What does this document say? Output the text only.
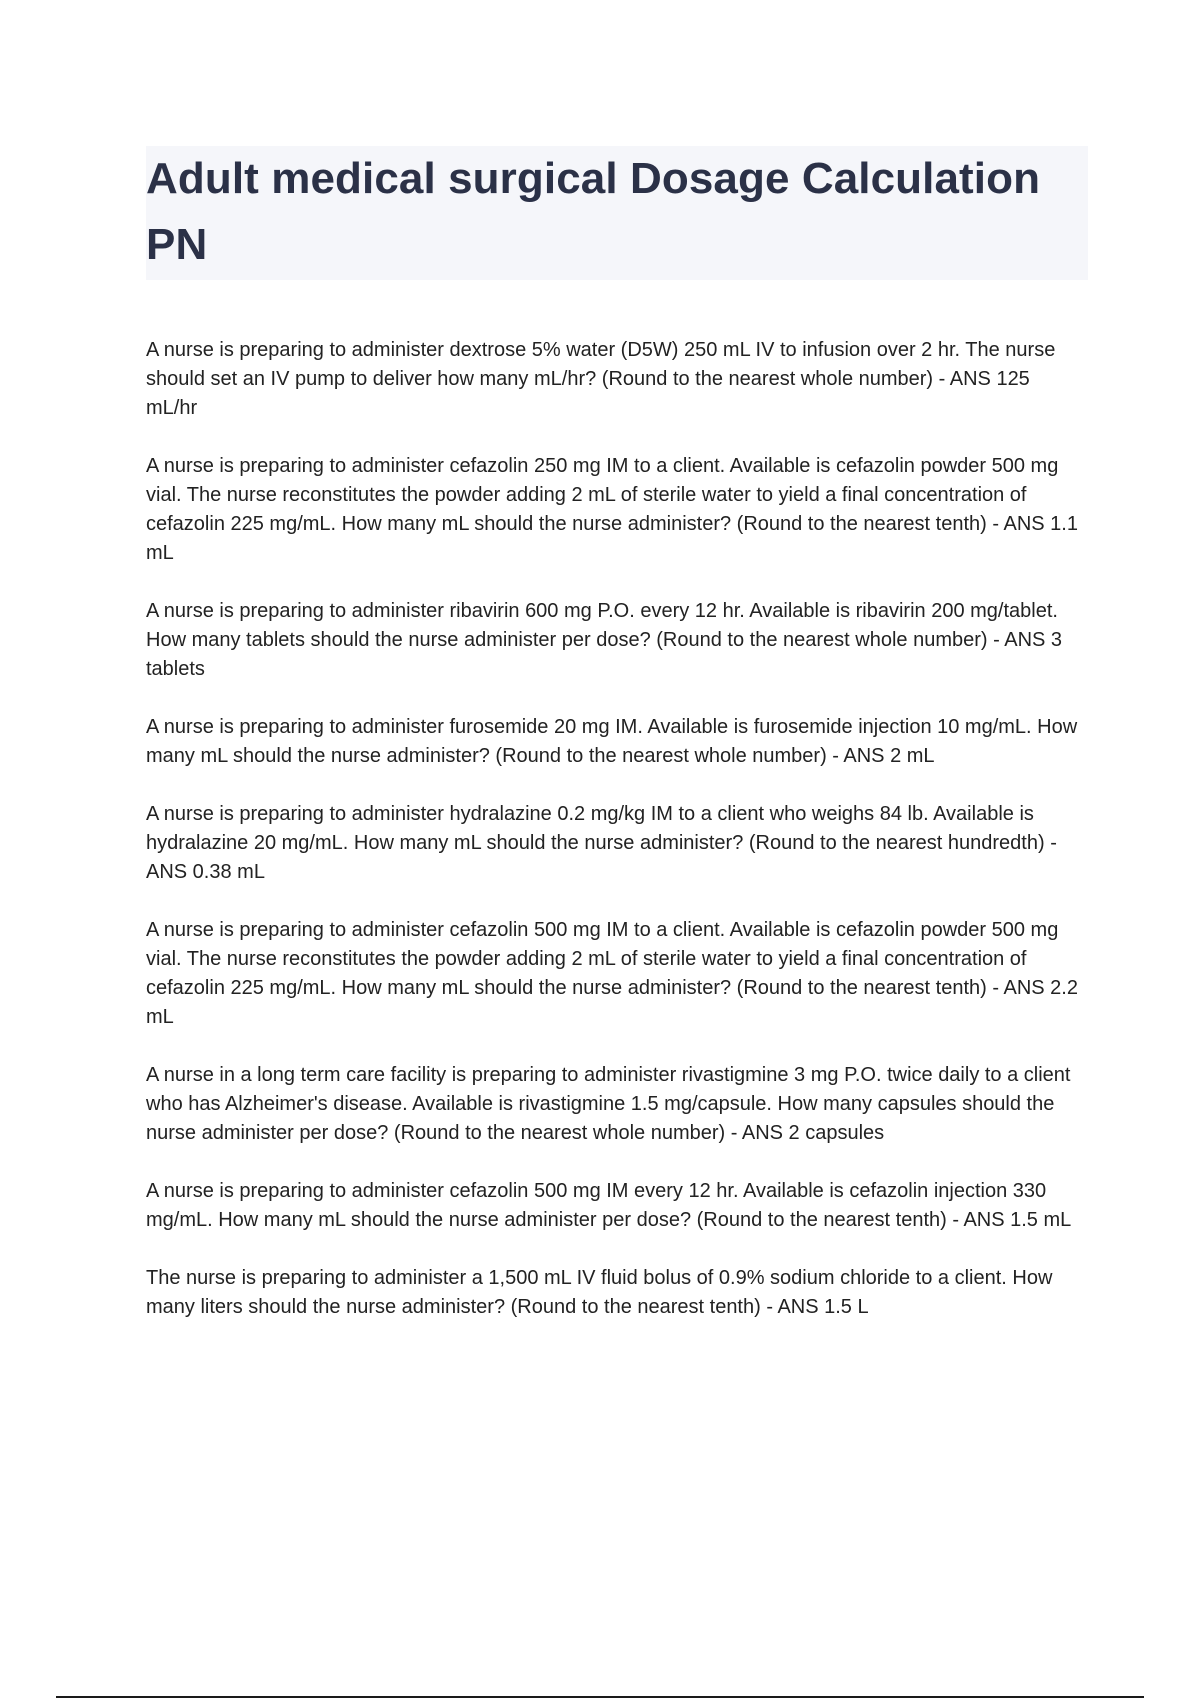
Adult medical surgical Dosage Calculation PN

A nurse is preparing to administer dextrose 5% water (D5W) 250 mL IV to infusion over 2 hr. The nurse should set an IV pump to deliver how many mL/hr? (Round to the nearest whole number) - ANS 125 mL/hr

A nurse is preparing to administer cefazolin 250 mg IM to a client. Available is cefazolin powder 500 mg vial. The nurse reconstitutes the powder adding 2 mL of sterile water to yield a final concentration of cefazolin 225 mg/mL. How many mL should the nurse administer? (Round to the nearest tenth) - ANS 1.1 mL

A nurse is preparing to administer ribavirin 600 mg P.O. every 12 hr. Available is ribavirin 200 mg/tablet. How many tablets should the nurse administer per dose? (Round to the nearest whole number) - ANS 3 tablets

A nurse is preparing to administer furosemide 20 mg IM. Available is furosemide injection 10 mg/mL. How many mL should the nurse administer? (Round to the nearest whole number) - ANS 2 mL

A nurse is preparing to administer hydralazine 0.2 mg/kg IM to a client who weighs 84 lb. Available is hydralazine 20 mg/mL. How many mL should the nurse administer? (Round to the nearest hundredth) - ANS 0.38 mL

A nurse is preparing to administer cefazolin 500 mg IM to a client. Available is cefazolin powder 500 mg vial. The nurse reconstitutes the powder adding 2 mL of sterile water to yield a final concentration of cefazolin 225 mg/mL. How many mL should the nurse administer? (Round to the nearest tenth) - ANS 2.2 mL

A nurse in a long term care facility is preparing to administer rivastigmine 3 mg P.O. twice daily to a client who has Alzheimer's disease. Available is rivastigmine 1.5 mg/capsule. How many capsules should the nurse administer per dose? (Round to the nearest whole number) - ANS 2 capsules

A nurse is preparing to administer cefazolin 500 mg IM every 12 hr. Available is cefazolin injection 330 mg/mL. How many mL should the nurse administer per dose? (Round to the nearest tenth) - ANS 1.5 mL

The nurse is preparing to administer a 1,500 mL IV fluid bolus of 0.9% sodium chloride to a client. How many liters should the nurse administer? (Round to the nearest tenth) - ANS 1.5 L
